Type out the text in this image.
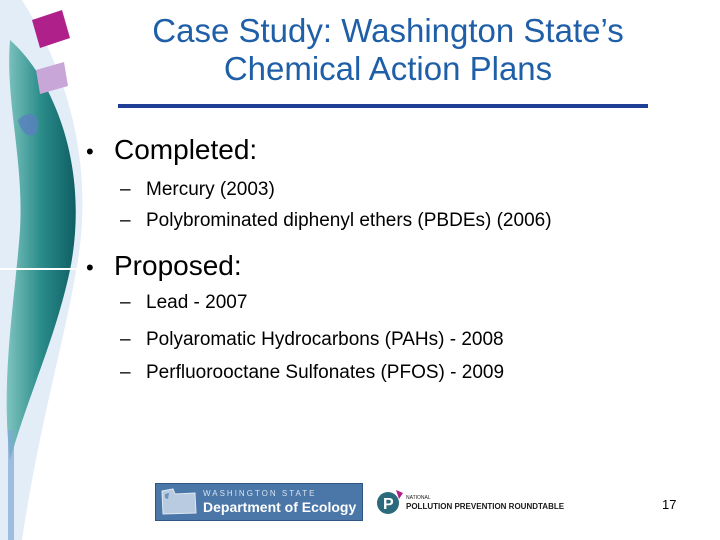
Case Study: Washington State’s
Chemical Action Plans
• Completed:
– Mercury (2003)
– Polybrominated diphenyl ethers (PBDEs) (2006)
• Proposed:
– Lead - 2007
– Polyaromatic Hydrocarbons (PAHs) - 2008
– Perfluorooctane Sulfonates (PFOS) - 2009
WASHINGTON STATE
Department of Ecology P NATIONAL
POLLUTION PREVENTION ROUNDTABLE	17
